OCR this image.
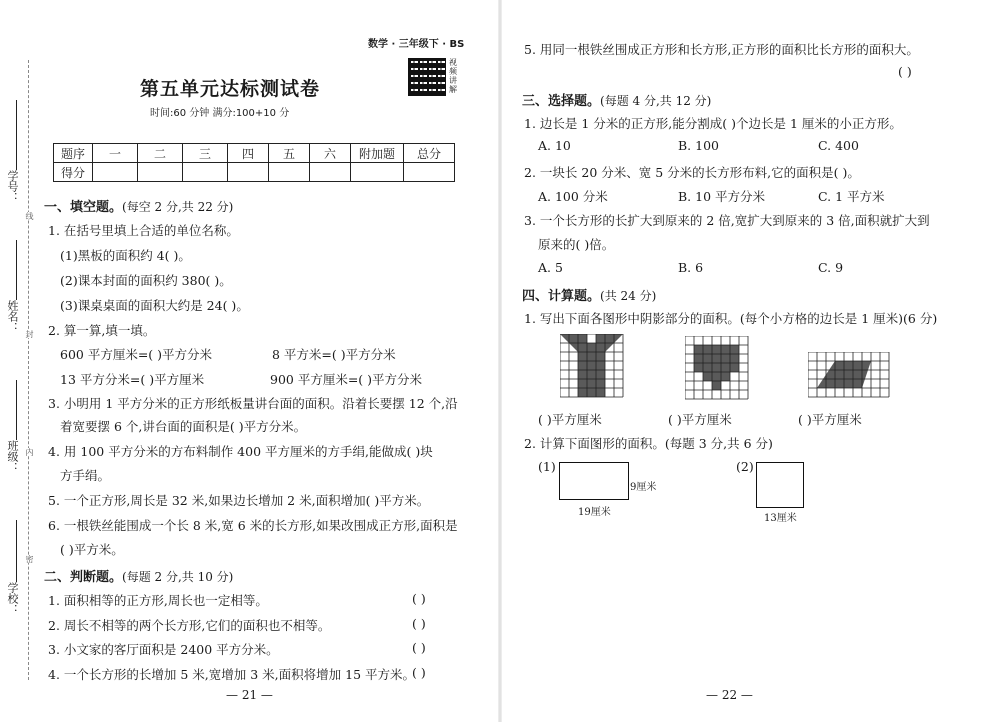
学号：
姓名：
班级：
学校：
线
封
内
密
数学 · 三年级下 · BS
视频讲解
第五单元达标测试卷
时间:60 分钟 满分:100+10 分
题序	一	二	三	四	五	六	附加题	总分
得分								
一、填空题。(每空 2 分,共 22 分)
1. 在括号里填上合适的单位名称。
(1)黑板的面积约 4( )。
(2)课本封面的面积约 380( )。
(3)课桌桌面的面积大约是 24( )。
2. 算一算,填一填。
600 平方厘米=( )平方分米	8 平方米=( )平方分米
13 平方分米=( )平方厘米	900 平方厘米=( )平方分米
3. 小明用 1 平方分米的正方形纸板量讲台面的面积。沿着长要摆 12 个,沿
着宽要摆 6 个,讲台面的面积是( )平方分米。
4. 用 100 平方分米的方布料制作 400 平方厘米的方手绢,能做成( )块
方手绢。
5. 一个正方形,周长是 32 米,如果边长增加 2 米,面积增加( )平方米。
6. 一根铁丝能围成一个长 8 米,宽 6 米的长方形,如果改围成正方形,面积是
( )平方米。
二、判断题。(每题 2 分,共 10 分)
1. 面积相等的正方形,周长也一定相等。	( )
2. 周长不相等的两个长方形,它们的面积也不相等。	( )
3. 小文家的客厅面积是 2400 平方分米。	( )
4. 一个长方形的长增加 5 米,宽增加 3 米,面积将增加 15 平方米。
( )
— 21 —
5. 用同一根铁丝围成正方形和长方形,正方形的面积比长方形的面积大。
( )
三、选择题。(每题 4 分,共 12 分)
1. 边长是 1 分米的正方形,能分割成( )个边长是 1 厘米的小正方形。
A. 10	B. 100	C. 400
2. 一块长 20 分米、宽 5 分米的长方形布料,它的面积是( )。
A. 100 分米	B. 10 平方分米	C. 1 平方米
3. 一个长方形的长扩大到原来的 2 倍,宽扩大到原来的 3 倍,面积就扩大到
原来的( )倍。
A. 5	B. 6	C. 9
四、计算题。(共 24 分)
1. 写出下面各图形中阴影部分的面积。(每个小方格的边长是 1 厘米)(6 分)
( )平方厘米	( )平方厘米	( )平方厘米
2. 计算下面图形的面积。(每题 3 分,共 6 分)
(1)
9厘米
19厘米
(2)
13厘米
— 22 —
